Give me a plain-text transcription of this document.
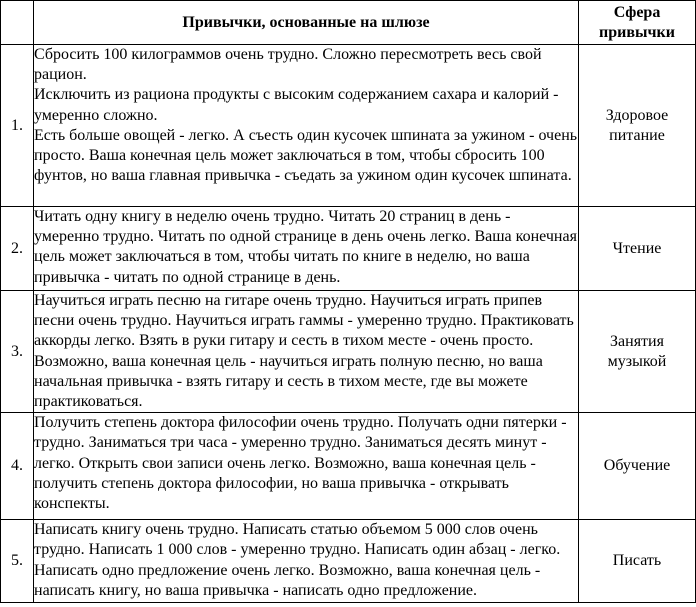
	Привычки, основанные на шлюзе	Сфера привычки
1.	Сбросить 100 килограммов очень трудно. Сложно пересмотреть весь свой рацион.
Исключить из рациона продукты с высоким содержанием сахара и калорий - умеренно сложно.
Есть больше овощей - легко. А съесть один кусочек шпината за ужином - очень просто. Ваша конечная цель может заключаться в том, чтобы сбросить 100 фунтов, но ваша главная привычка - съедать за ужином один кусочек шпината.	Здоровое питание
2.	Читать одну книгу в неделю очень трудно. Читать 20 страниц в день - умеренно трудно. Читать по одной странице в день очень легко. Ваша конечная цель может заключаться в том, чтобы читать по книге в неделю, но ваша привычка - читать по одной странице в день.	Чтение
3.	Научиться играть песню на гитаре очень трудно. Научиться играть припев песни очень трудно. Научиться играть гаммы - умеренно трудно. Практиковать аккорды легко. Взять в руки гитару и сесть в тихом месте - очень просто. Возможно, ваша конечная цель - научиться играть полную песню, но ваша начальная привычка - взять гитару и сесть в тихом месте, где вы можете практиковаться.	Занятия музыкой
4.	Получить степень доктора философии очень трудно. Получать одни пятерки - трудно. Заниматься три часа - умеренно трудно. Заниматься десять минут - легко. Открыть свои записи очень легко. Возможно, ваша конечная цель - получить степень доктора философии, но ваша привычка - открывать конспекты.	Обучение
5.	Написать книгу очень трудно. Написать статью объемом 5 000 слов очень трудно. Написать 1 000 слов - умеренно трудно. Написать один абзац - легко. Написать одно предложение очень легко. Возможно, ваша конечная цель - написать книгу, но ваша привычка - написать одно предложение.	Писать
